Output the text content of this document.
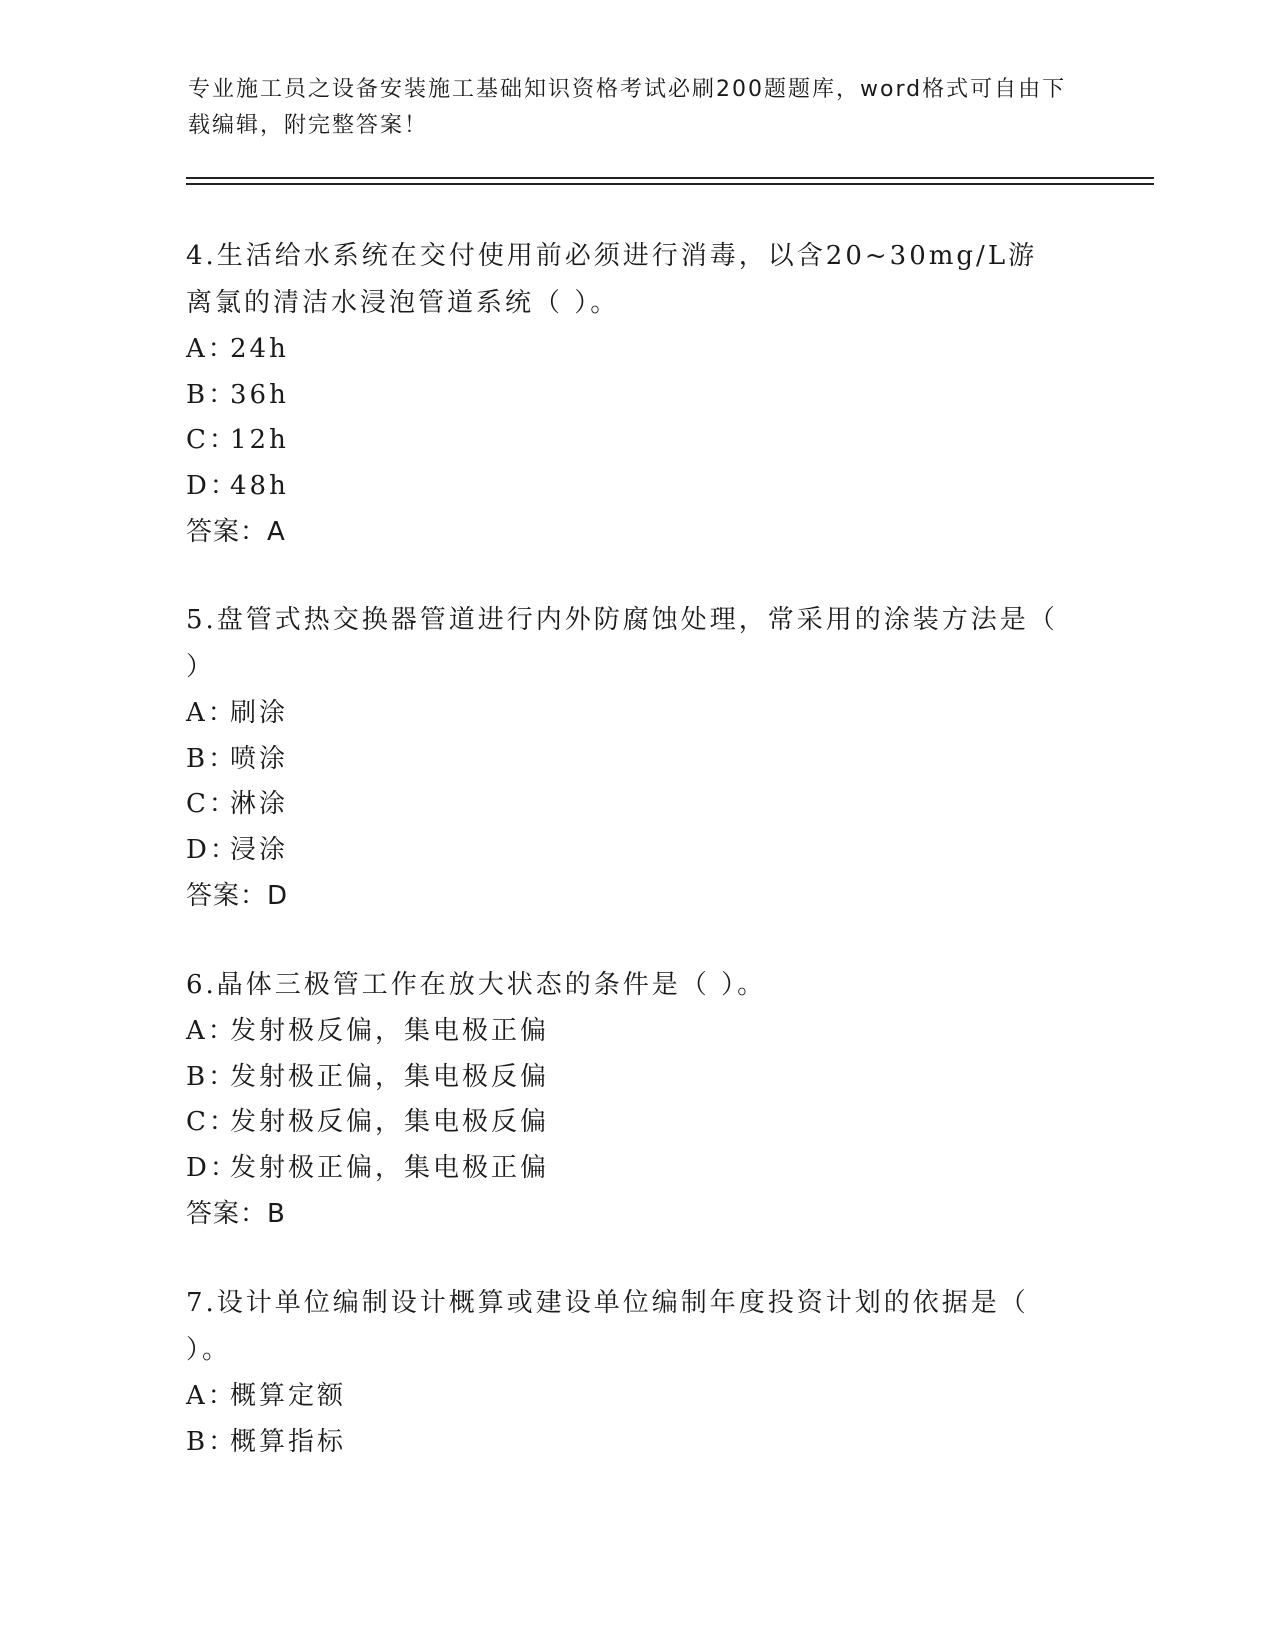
专业施工员之设备安装施工基础知识资格考试必刷200题题库，word格式可自由下载编辑，附完整答案！

4.生活给水系统在交付使用前必须进行消毒，以含20~30mg/L游离氯的清洁水浸泡管道系统（ ）。

A：24h

B：36h

C：12h

D：48h

答案：A

5.盘管式热交换器管道进行内外防腐蚀处理，常采用的涂装方法是（ ）

A：刷涂

B：喷涂

C：淋涂

D：浸涂

答案：D

6.晶体三极管工作在放大状态的条件是（ ）。

A：发射极反偏，集电极正偏

B：发射极正偏，集电极反偏

C：发射极反偏，集电极反偏

D：发射极正偏，集电极正偏

答案：B

7.设计单位编制设计概算或建设单位编制年度投资计划的依据是（ ）。

A：概算定额

B：概算指标
